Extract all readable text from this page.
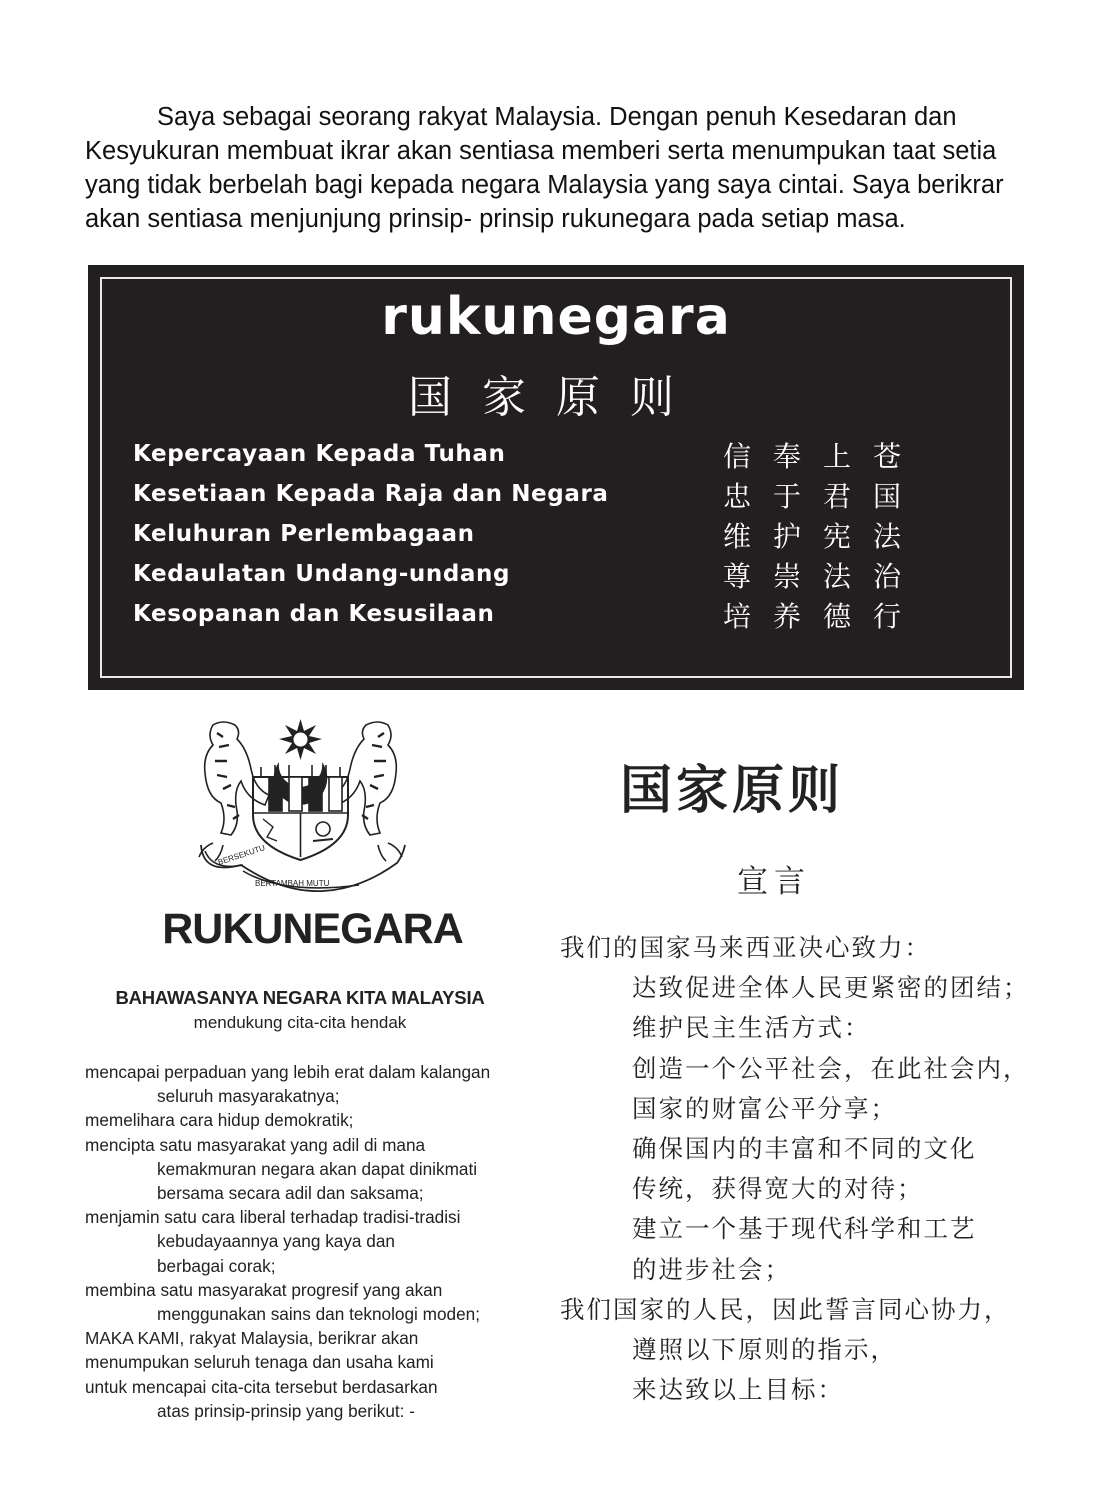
Saya sebagai seorang rakyat Malaysia. Dengan penuh Kesedaran dan

Kesyukuran membuat ikrar akan sentiasa memberi serta menumpukan taat setia

yang tidak berbelah bagi kepada negara Malaysia yang saya cintai. Saya berikrar

akan sentiasa menjunjung prinsip- prinsip rukunegara pada setiap masa.

rukunegara
国家原则
Kepercayaan Kepada Tuhan	信奉上苍
Kesetiaan Kepada Raja dan Negara	忠于君国
Keluhuran Perlembagaan	维护宪法
Kedaulatan Undang-undang	尊崇法治
Kesopanan dan Kesusilaan	培养德行
BERSEKUTU
BERTAMBAH MUTU
RUKUNEGARA
BAHAWASANYA NEGARA KITA MALAYSIA
mendukung cita-cita hendak
mencapai perpaduan yang lebih erat dalam kalangan
seluruh masyarakatnya;
memelihara cara hidup demokratik;
mencipta satu masyarakat yang adil di mana
kemakmuran negara akan dapat dinikmati
bersama secara adil dan saksama;
menjamin satu cara liberal terhadap tradisi-tradisi
kebudayaannya yang kaya dan
berbagai corak;
membina satu masyarakat progresif yang akan
menggunakan sains dan teknologi moden;
MAKA KAMI, rakyat Malaysia, berikrar akan
menumpukan seluruh tenaga dan usaha kami
untuk mencapai cita-cita tersebut berdasarkan
atas prinsip-prinsip yang berikut: -
国家原则
宣言
我们的国家马来西亚决心致力：
达致促进全体人民更紧密的团结；
维护民主生活方式：
创造一个公平社会，在此社会内，
国家的财富公平分享；
确保国内的丰富和不同的文化
传统，获得宽大的对待；
建立一个基于现代科学和工艺
的进步社会；
我们国家的人民，因此誓言同心协力，
遵照以下原则的指示，
来达致以上目标：
